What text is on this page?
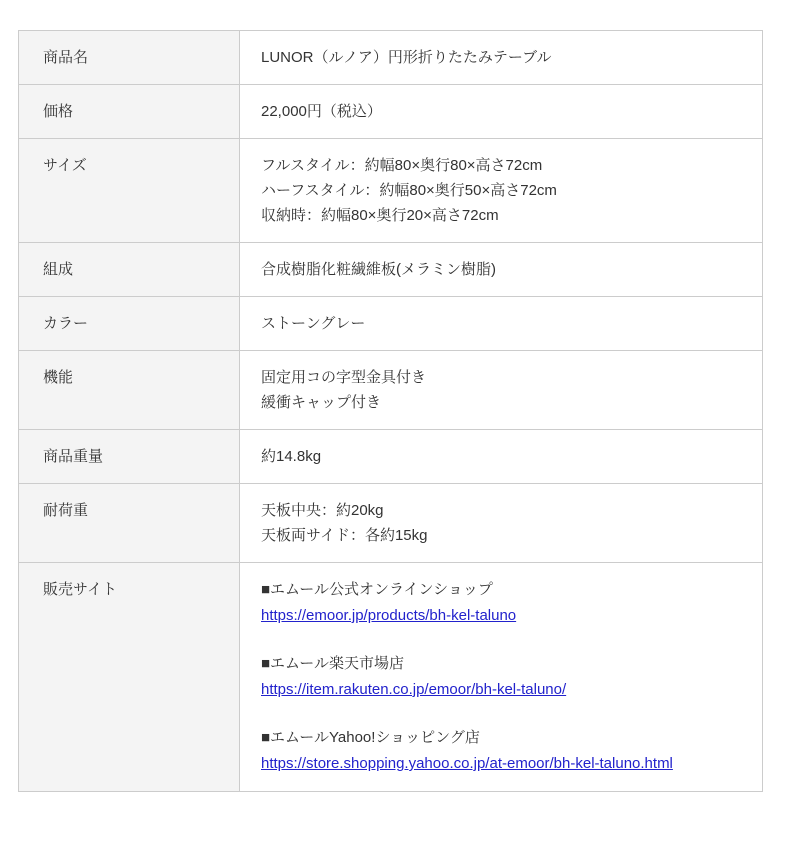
商品名	LUNOR（ルノア）円形折りたたみテーブル

価格	22,000円（税込）

サイズ	フルスタイル：約幅80×奥行80×高さ72cm
ハーフスタイル：約幅80×奥行50×高さ72cm
収納時：約幅80×奥行20×高さ72cm

組成	合成樹脂化粧繊維板(メラミン樹脂)

カラー	ストーングレー

機能	固定用コの字型金具付き
緩衝キャップ付き

商品重量	約14.8kg

耐荷重	天板中央：約20kg
天板両サイド：各約15kg

販売サイト	■エムール公式オンラインショップ
https://emoor.jp/products/bh-kel-taluno
■エムール楽天市場店
https://item.rakuten.co.jp/emoor/bh-kel-taluno/
■エムールYahoo!ショッピング店
https://store.shopping.yahoo.co.jp/at-emoor/bh-kel-taluno.html
